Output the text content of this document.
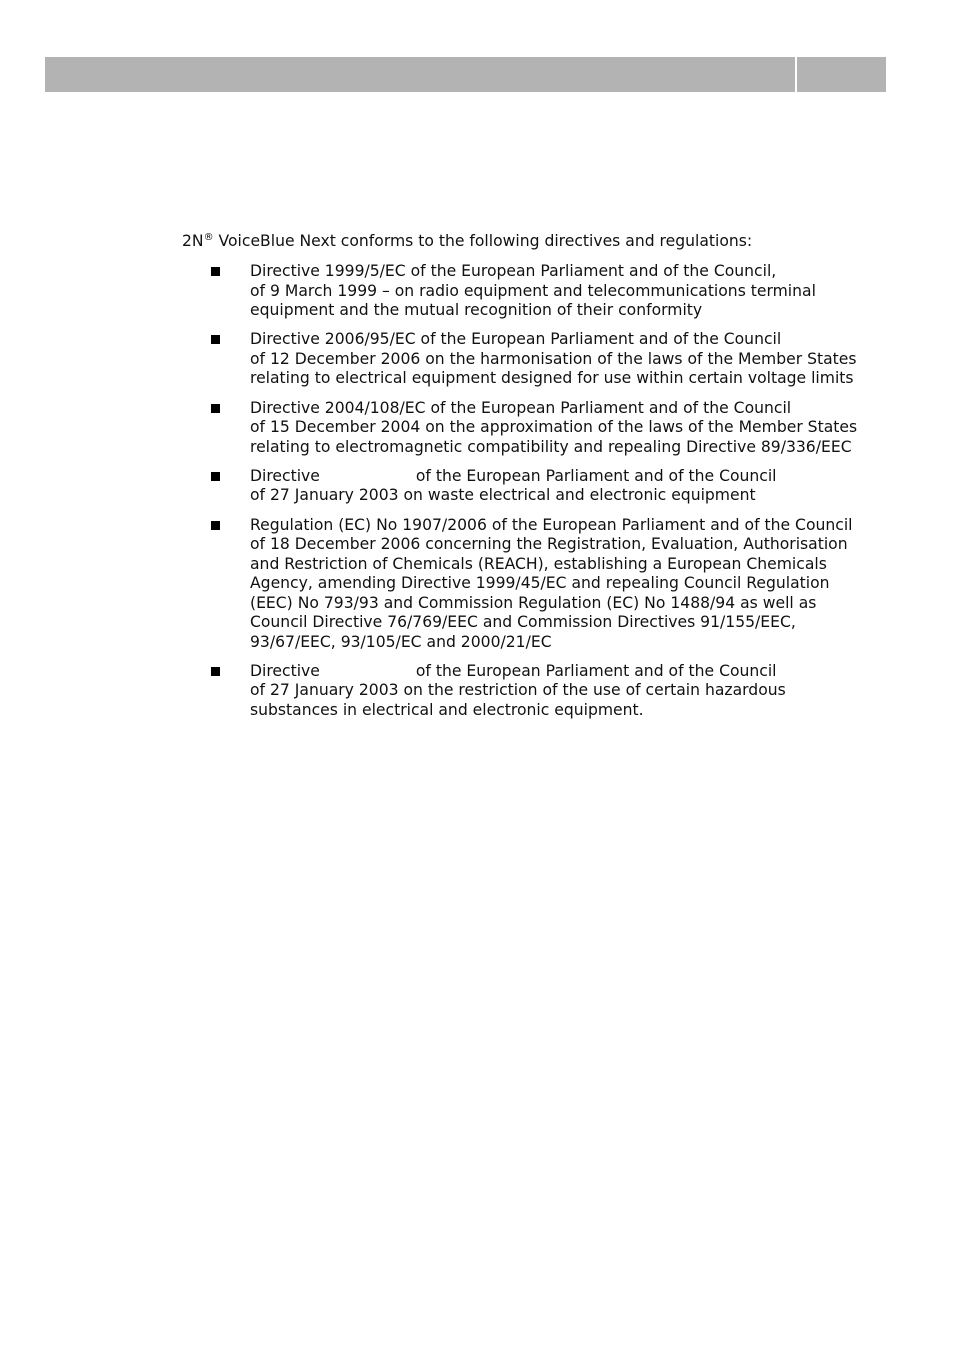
2N® VoiceBlue Next conforms to the following directives and regulations:
Directive 1999/5/EC of the European Parliament and of the Council,
of 9 March 1999 – on radio equipment and telecommunications terminal
equipment and the mutual recognition of their conformity
Directive 2006/95/EC of the European Parliament and of the Council
of 12 December 2006 on the harmonisation of the laws of the Member States
relating to electrical equipment designed for use within certain voltage limits
Directive 2004/108/EC of the European Parliament and of the Council
of 15 December 2004 on the approximation of the laws of the Member States
relating to electromagnetic compatibility and repealing Directive 89/336/EEC
Directive	of the European Parliament and of the Council
of 27 January 2003 on waste electrical and electronic equipment
Regulation (EC) No 1907/2006 of the European Parliament and of the Council
of 18 December 2006 concerning the Registration, Evaluation, Authorisation
and Restriction of Chemicals (REACH), establishing a European Chemicals
Agency, amending Directive 1999/45/EC and repealing Council Regulation
(EEC) No 793/93 and Commission Regulation (EC) No 1488/94 as well as
Council Directive 76/769/EEC and Commission Directives 91/155/EEC,
93/67/EEC, 93/105/EC and 2000/21/EC
Directive	of the European Parliament and of the Council
of 27 January 2003 on the restriction of the use of certain hazardous
substances in electrical and electronic equipment.
